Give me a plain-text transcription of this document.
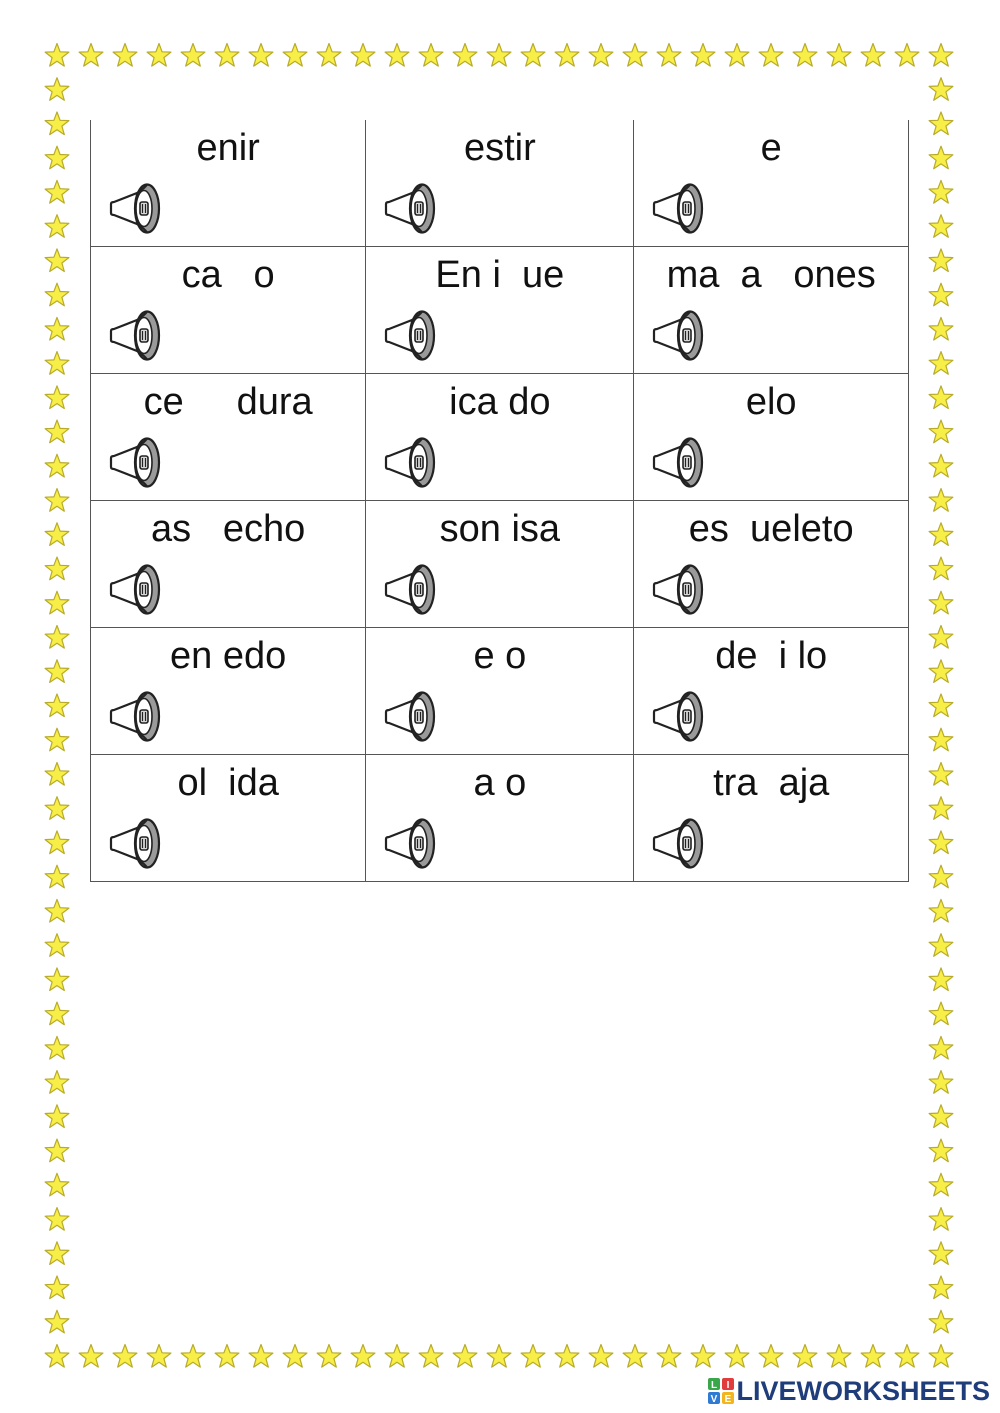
enir	estir	e

ca   o	En i  ue	ma  a   ones

ce     dura	ica do	elo

as   echo	son isa	es  ueleto

en edo	e o	de  i lo

ol  ida	a o	tra  aja
L I
V E LIVEWORKSHEETS
